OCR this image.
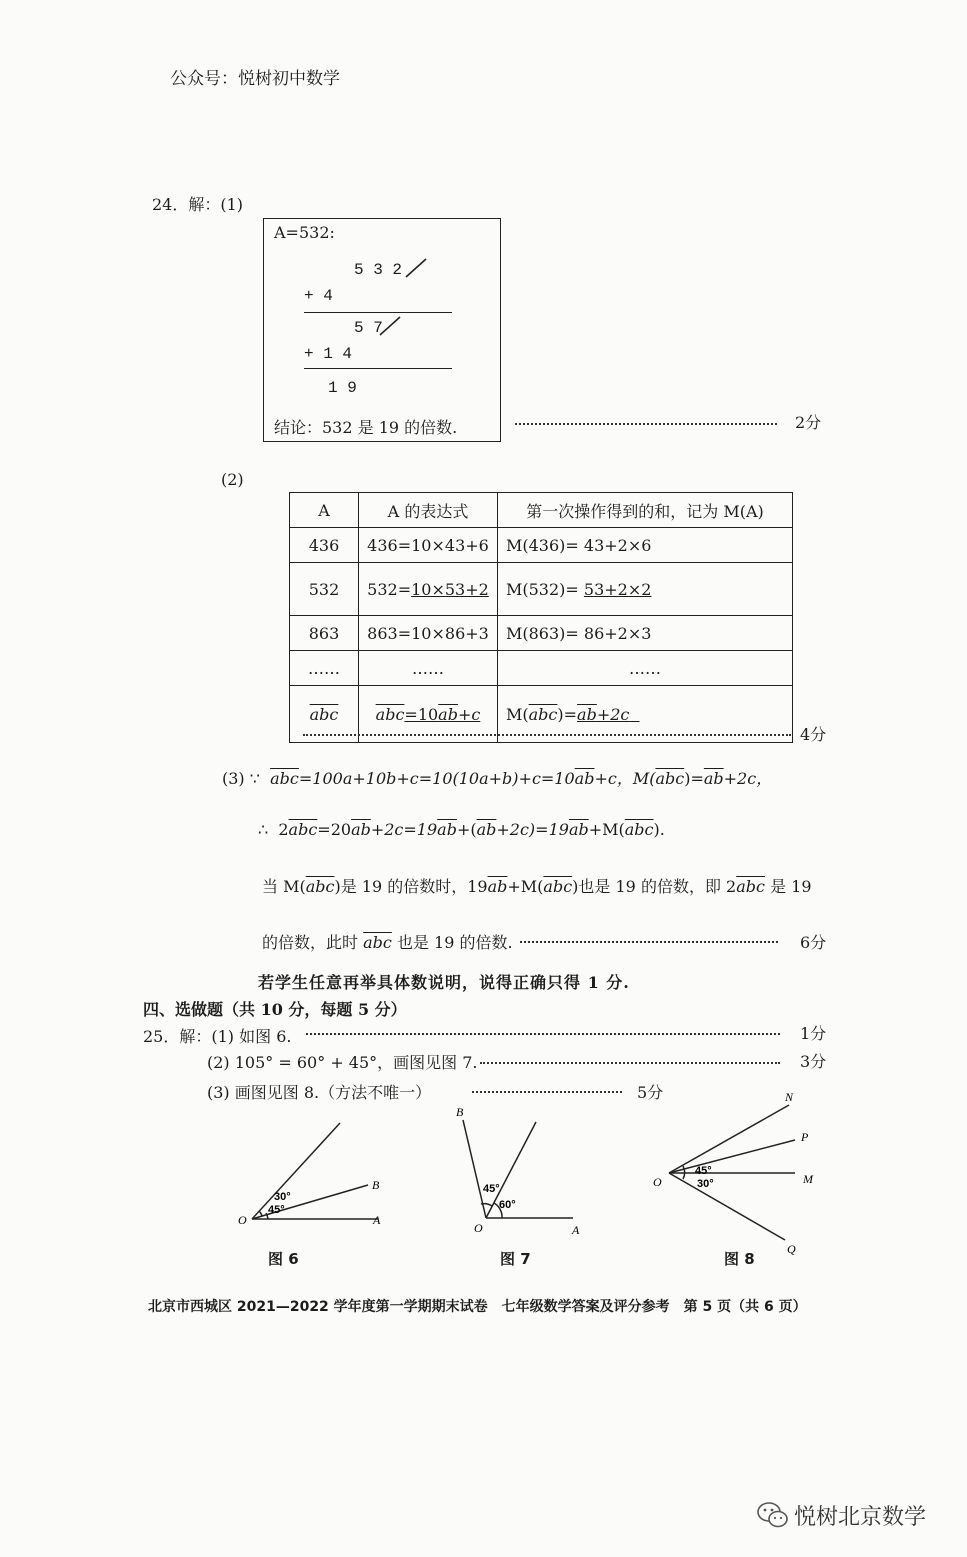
公众号：悦树初中数学
24．解：(1)
A=532:
5 3 2
+ 4
5 7
+ 1 4
1 9
结论：532 是 19 的倍数.	2分
(2)
A	A 的表达式	第一次操作得到的和，记为 M(A)
436	436=10×43+6	M(436)= 43+2×6
532	532=10×53+2	M(532)= 53+2×2
863	863=10×86+3	M(863)= 86+2×3
……	……	……
$\overline{abc}$	$\overline{abc}=10ab+c$	$M(\overline{abc})=ab+2c$
4分
(3) ∵ $\overline{abc}=100a+10b+c=10(10a+b)+c=10\overline{ab}+c$，$M(\overline{abc})=\overline{ab}+2c$，
∴ $2\overline{abc}=20\overline{ab}+2c=19\overline{ab}+(\overline{ab}+2c)=19\overline{ab}+M(\overline{abc})$.
当 $M(\overline{abc})$是 19 的倍数时，$19\overline{ab}+M(\overline{abc})$也是 19 的倍数，即 $2\overline{abc}$ 是 19
的倍数，此时 $\overline{abc}$ 也是 19 的倍数.	6分
若学生任意再举具体数说明，说得正确只得 1 分.
四、选做题（共 10 分，每题 5 分）
25．解：(1) 如图 6.	1分
(2) 105° = 60° + 45°，画图见图 7.	3分
(3) 画图见图 8.（方法不唯一）	5分
O	A
B
30°
45°
图 6
B
O	A
45°
60°
图 7
O
N
P
M
Q
45°
30°
图 8
北京市西城区 2021—2022 学年度第一学期期末试卷　七年级数学答案及评分参考　第 5 页（共 6 页）
悦树北京数学
